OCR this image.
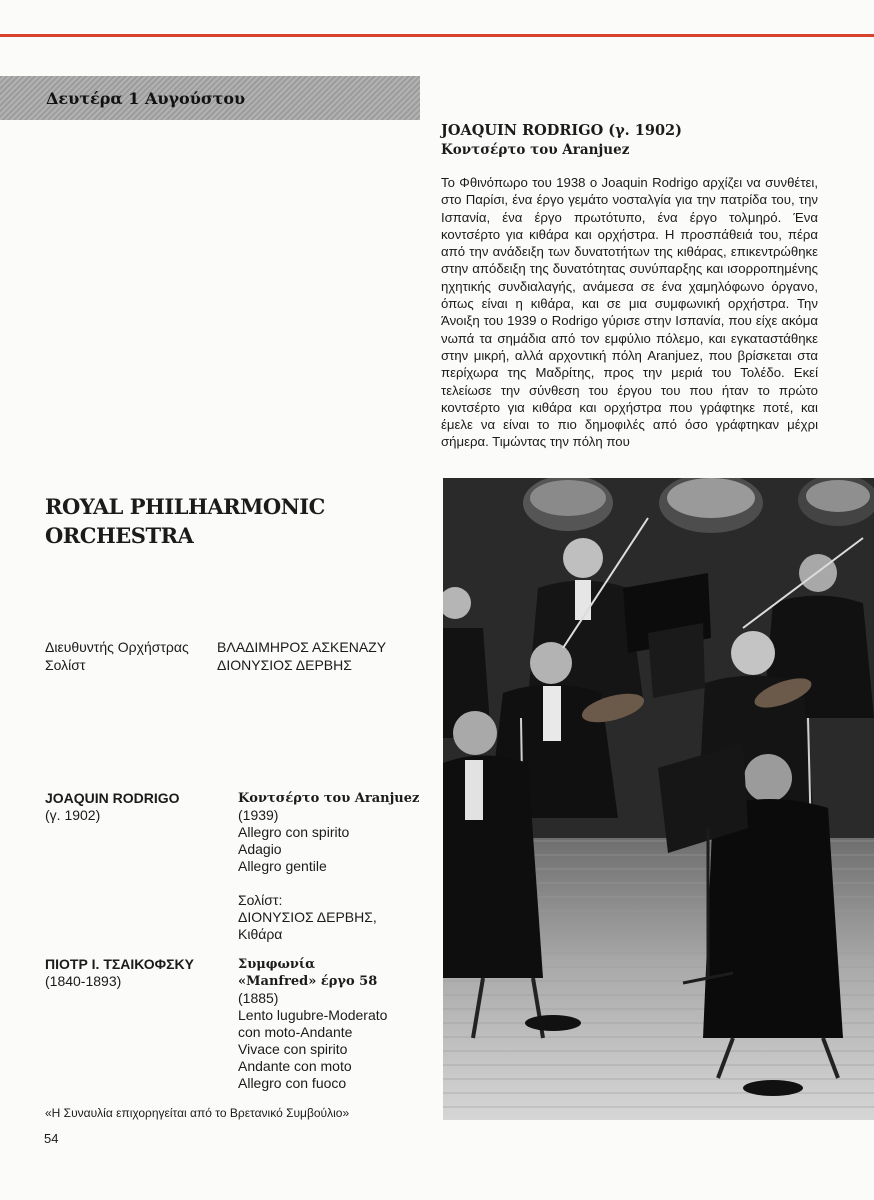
Δευτέρα 1 Αυγούστου
JOAQUIN RODRIGO (γ. 1902)
Κοντσέρτο του Aranjuez

Το Φθινόπωρο του 1938 ο Joaquin Rodrigo αρχίζει να συνθέτει, στο Παρίσι, ένα έργο γεμάτο νοσταλγία για την πατρίδα του, την Ισπανία, ένα έργο πρωτότυπο, ένα έργο τολμηρό. Ένα κοντσέρτο για κιθάρα και ορχήστρα. Η προσπάθειά του, πέρα από την ανάδειξη των δυνατοτήτων της κιθάρας, επικεντρώθηκε στην απόδειξη της δυνατότητας συνύπαρξης και ισορροπημένης ηχητικής συνδιαλαγής, ανάμεσα σε ένα χαμηλόφωνο όργανο, όπως είναι η κιθάρα, και σε μια συμφωνική ορχήστρα. Την Άνοιξη του 1939 ο Rodrigo γύρισε στην Ισπανία, που είχε ακόμα νωπά τα σημάδια από τον εμφύλιο πόλεμο, και εγκαταστάθηκε στην μικρή, αλλά αρχοντική πόλη Aranjuez, που βρίσκεται στα περίχωρα της Μαδρίτης, προς την μεριά του Τολέδο. Εκεί τελείωσε την σύνθεση του έργου του που ήταν το πρώτο κοντσέρτο για κιθάρα και ορχήστρα που γράφτηκε ποτέ, και έμελε να είναι το πιο δημοφιλές από όσο γράφτηκαν μέχρι σήμερα. Τιμώντας την πόλη που

ROYAL PHILHARMONIC
ORCHESTRA
Διευθυντής Ορχήστρας	ΒΛΑΔΙΜΗΡΟΣ ΑΣΚΕΝΑΖΥ
Σολίστ	ΔΙΟΝΥΣΙΟΣ ΔΕΡΒΗΣ
JOAQUIN RODRIGO
(γ. 1902)
Κοντσέρτο του Aranjuez
(1939)
Allegro con spirito
Adagio
Allegro gentile
Σολίστ:
ΔΙΟΝΥΣΙΟΣ ΔΕΡΒΗΣ,
Κιθάρα
ΠΙΟΤΡ Ι. ΤΣΑΙΚΟΦΣΚΥ
(1840-1893)
Συμφωνία
«Manfred» έργο 58
(1885)
Lento lugubre-Moderato
con moto-Andante
Vivace con spirito
Andante con moto
Allegro con fuoco
«Η Συναυλία επιχορηγείται από το Βρετανικό Συμβούλιο»
54
